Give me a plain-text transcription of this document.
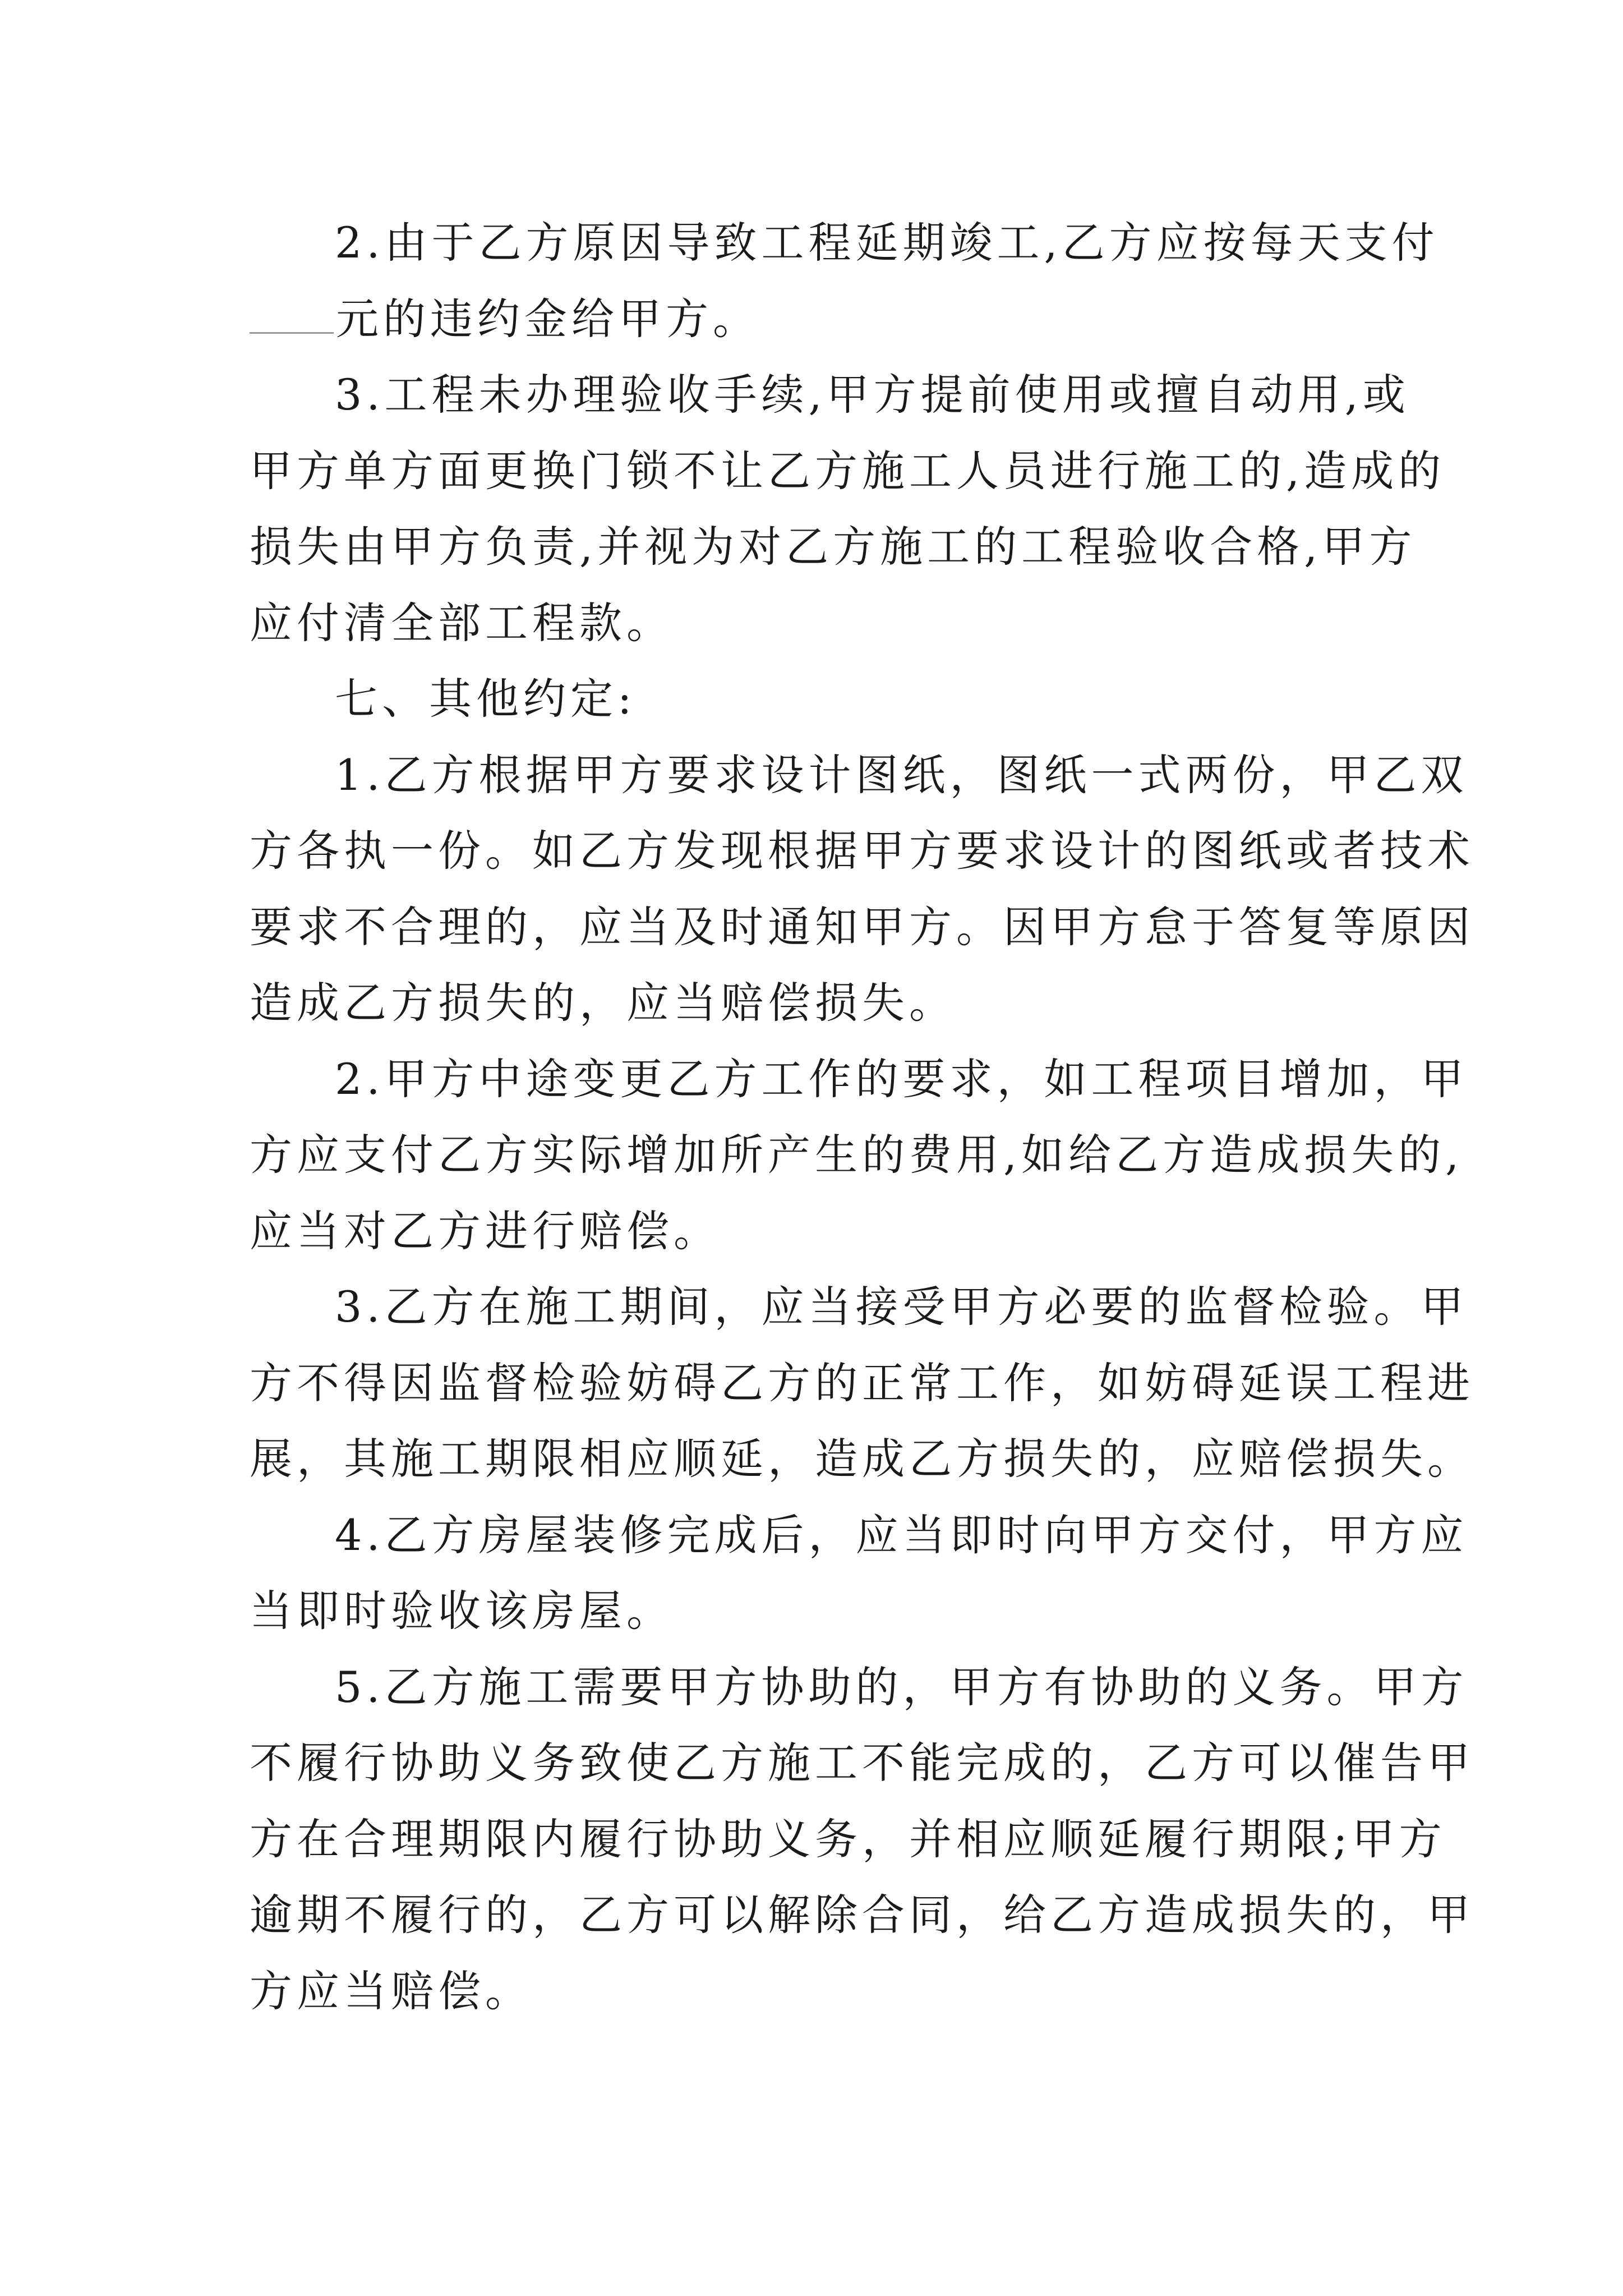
2.由于乙方原因导致工程延期竣工,乙方应按每天支付
元的违约金给甲方。
3.工程未办理验收手续,甲方提前使用或擅自动用,或
甲方单方面更换门锁不让乙方施工人员进行施工的,造成的
损失由甲方负责,并视为对乙方施工的工程验收合格,甲方
应付清全部工程款。
七、其他约定:
1.乙方根据甲方要求设计图纸，图纸一式两份，甲乙双
方各执一份。如乙方发现根据甲方要求设计的图纸或者技术
要求不合理的，应当及时通知甲方。因甲方怠于答复等原因
造成乙方损失的，应当赔偿损失。
2.甲方中途变更乙方工作的要求，如工程项目增加，甲
方应支付乙方实际增加所产生的费用,如给乙方造成损失的,
应当对乙方进行赔偿。
3.乙方在施工期间，应当接受甲方必要的监督检验。甲
方不得因监督检验妨碍乙方的正常工作，如妨碍延误工程进
展，其施工期限相应顺延，造成乙方损失的，应赔偿损失。
4.乙方房屋装修完成后，应当即时向甲方交付，甲方应
当即时验收该房屋。
5.乙方施工需要甲方协助的，甲方有协助的义务。甲方
不履行协助义务致使乙方施工不能完成的，乙方可以催告甲
方在合理期限内履行协助义务，并相应顺延履行期限;甲方
逾期不履行的，乙方可以解除合同，给乙方造成损失的，甲
方应当赔偿。
